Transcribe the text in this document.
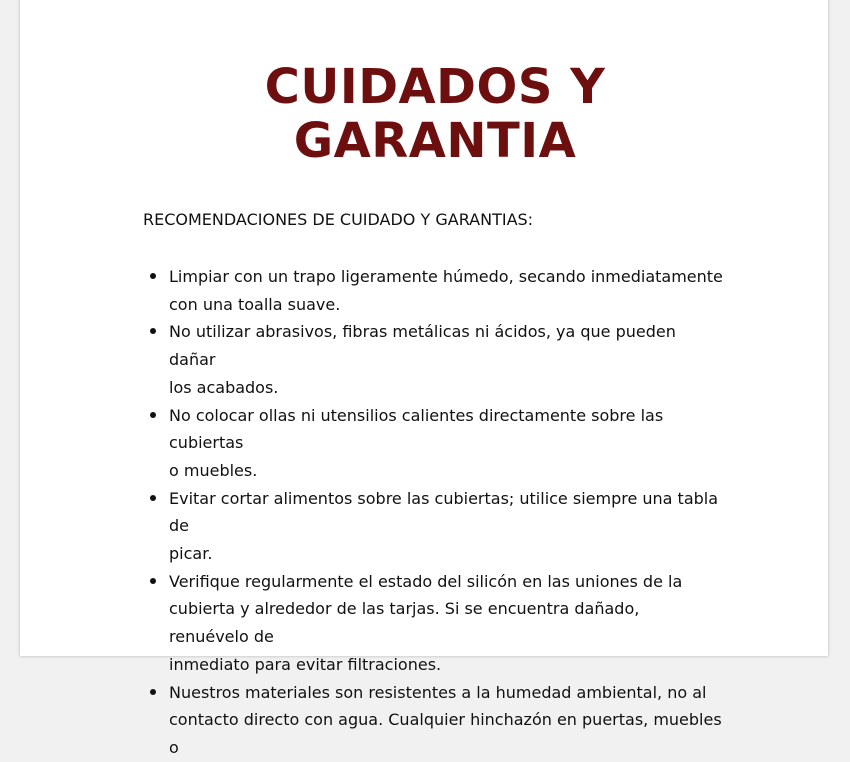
CUIDADOS Y
GARANTIA

RECOMENDACIONES DE CUIDADO Y GARANTIAS:

Limpiar con un trapo ligeramente húmedo, secando inmediatamente
con una toalla suave.
No utilizar abrasivos, fibras metálicas ni ácidos, ya que pueden dañar
los acabados.
No colocar ollas ni utensilios calientes directamente sobre las cubiertas
o muebles.
Evitar cortar alimentos sobre las cubiertas; utilice siempre una tabla de
picar.
Verifique regularmente el estado del silicón en las uniones de la
cubierta y alrededor de las tarjas. Si se encuentra dañado, renuévelo de
inmediato para evitar filtraciones.
Nuestros materiales son resistentes a la humedad ambiental, no al
contacto directo con agua. Cualquier hinchazón en puertas, muebles o
